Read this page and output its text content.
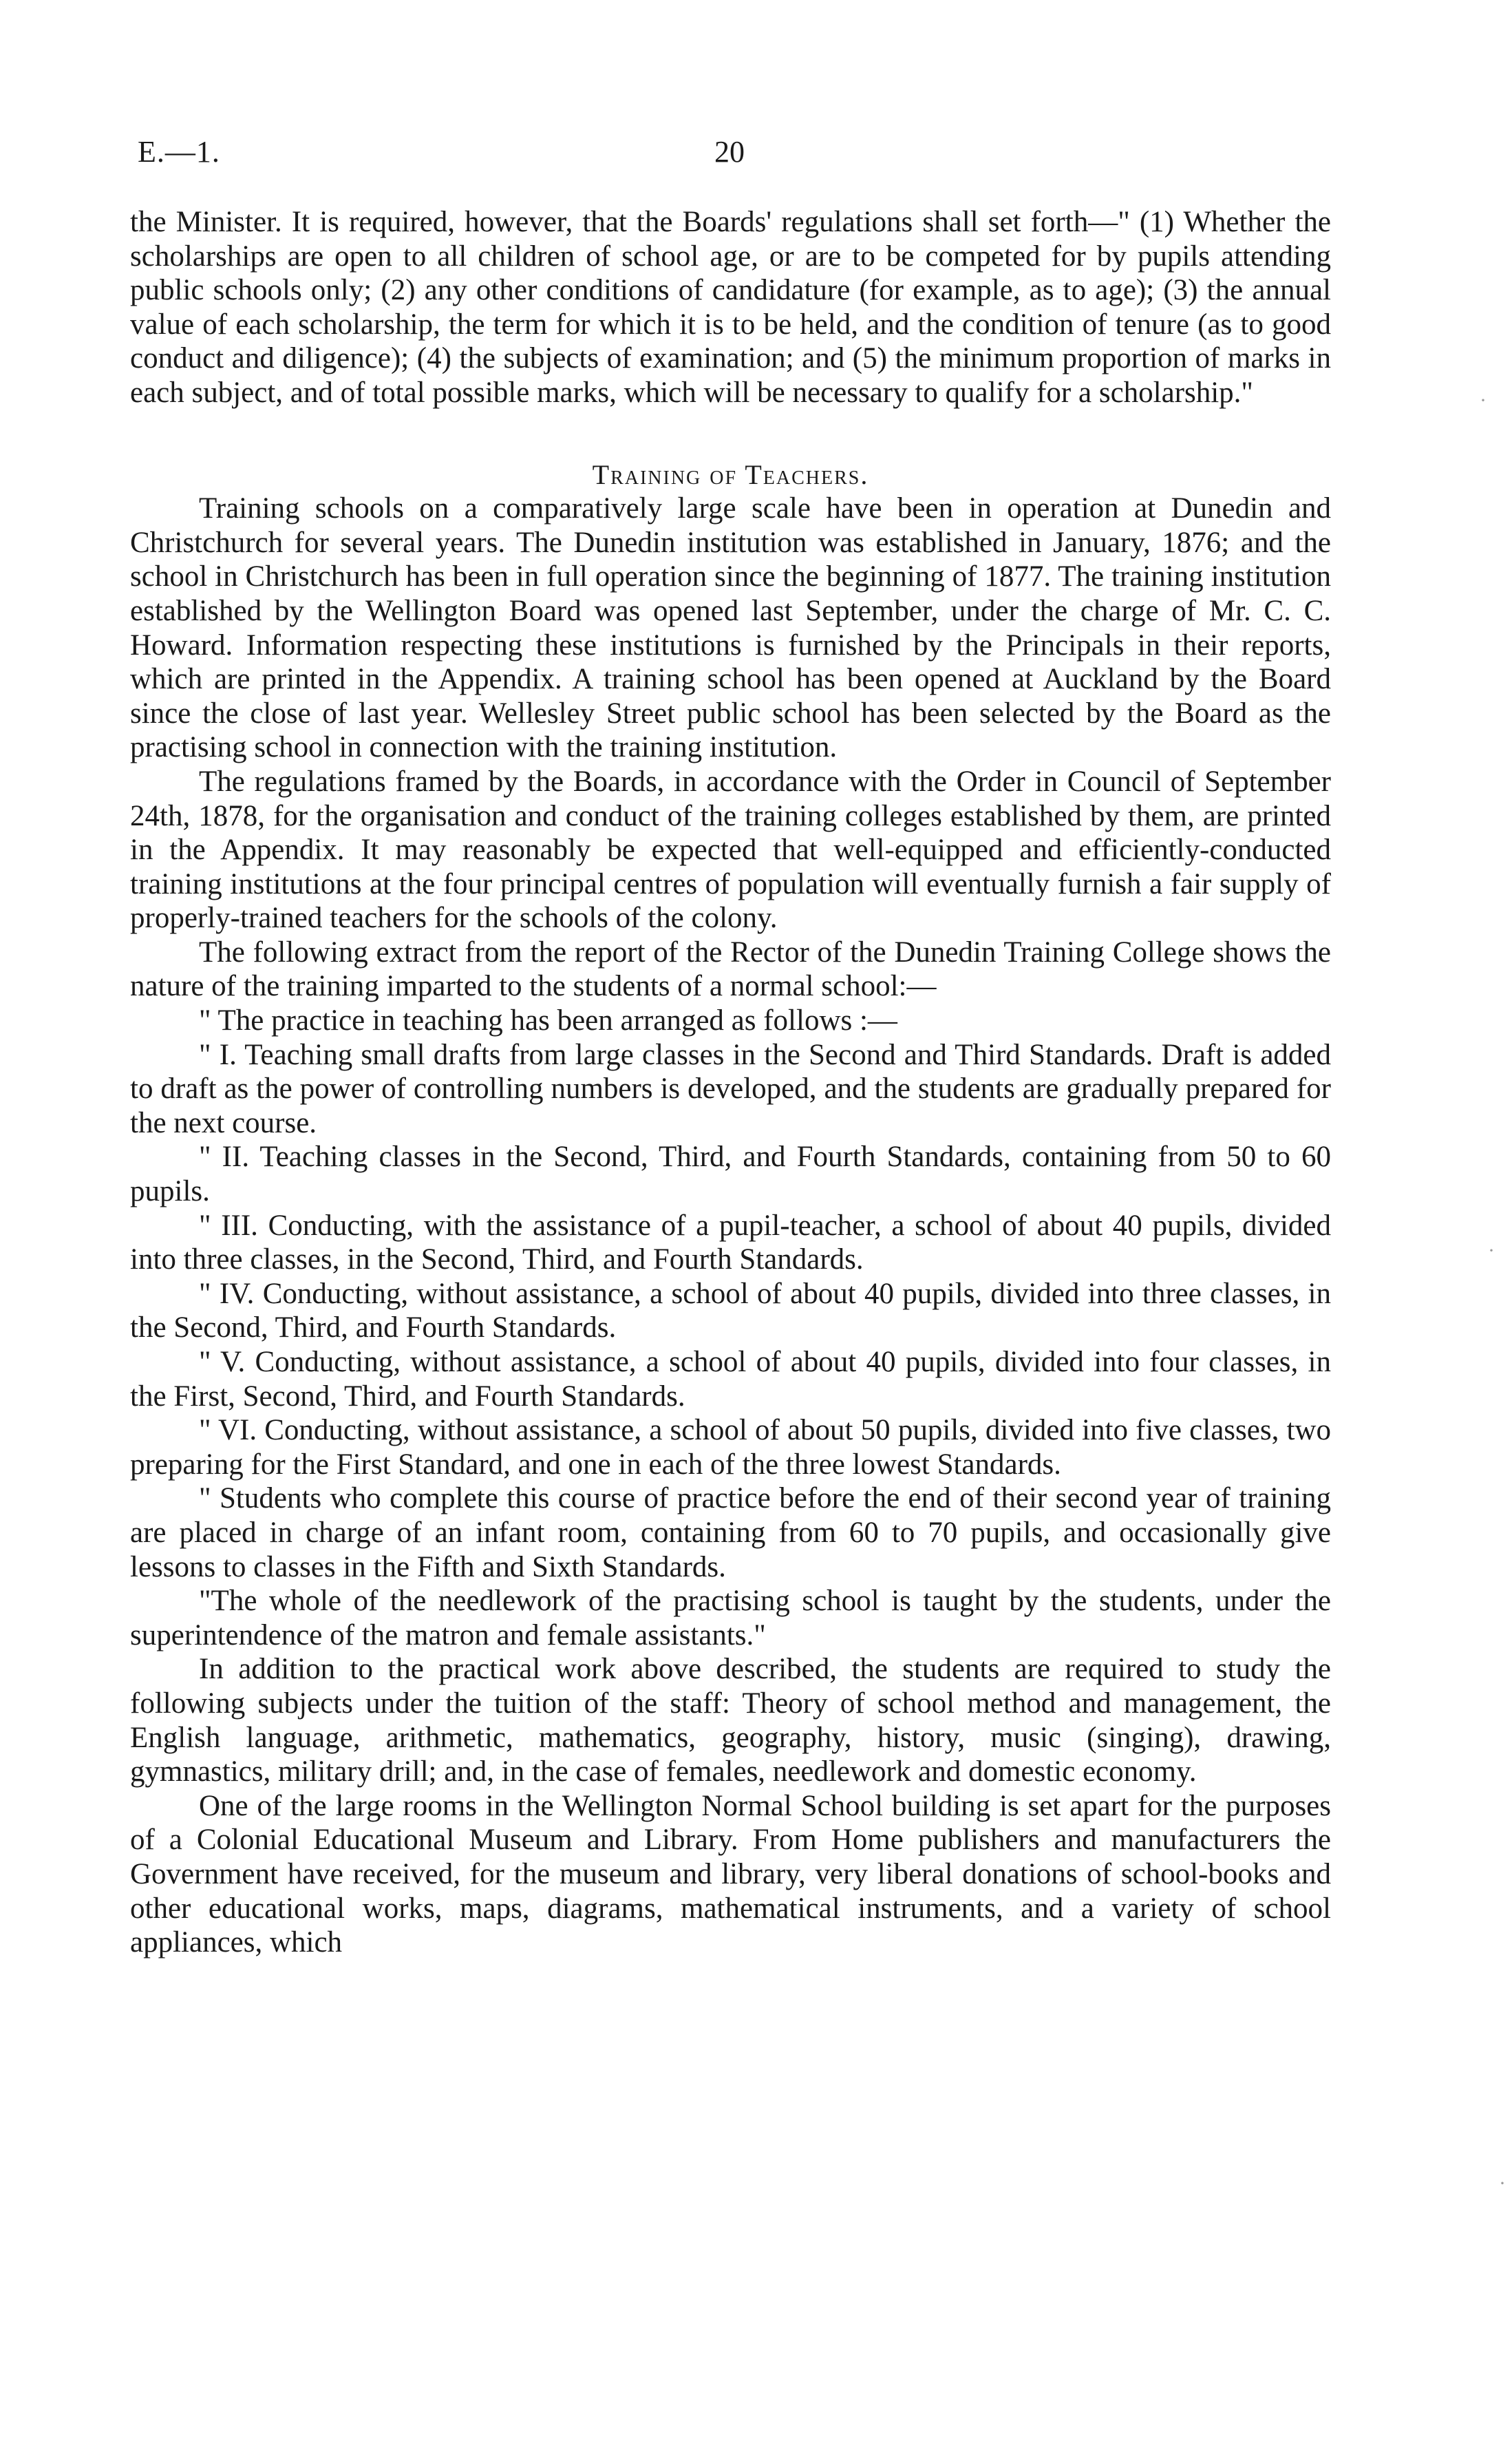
E.—1.	20
·
·
·

the Minister. It is required, however, that the Boards' regulations shall set forth—" (1) Whether the scholarships are open to all children of school age, or are to be competed for by pupils attending public schools only; (2) any other conditions of candidature (for example, as to age); (3) the annual value of each scholarship, the term for which it is to be held, and the condition of tenure (as to good conduct and diligence); (4) the subjects of examination; and (5) the minimum proportion of marks in each subject, and of total possible marks, which will be necessary to qualify for a scholarship."

Training of Teachers.

Training schools on a comparatively large scale have been in operation at Dunedin and Christchurch for several years. The Dunedin institution was established in January, 1876; and the school in Christchurch has been in full operation since the beginning of 1877. The training institution established by the Wellington Board was opened last September, under the charge of Mr. C. C. Howard. Information respecting these institutions is furnished by the Principals in their reports, which are printed in the Appendix. A training school has been opened at Auckland by the Board since the close of last year. Wellesley Street public school has been selected by the Board as the practising school in connection with the training institution.

The regulations framed by the Boards, in accordance with the Order in Council of September 24th, 1878, for the organisation and conduct of the training colleges established by them, are printed in the Appendix. It may reasonably be expected that well-equipped and efficiently-conducted training institutions at the four principal centres of population will eventually furnish a fair supply of properly-trained teachers for the schools of the colony.

The following extract from the report of the Rector of the Dunedin Training College shows the nature of the training imparted to the students of a normal school:—

" The practice in teaching has been arranged as follows :—

" I. Teaching small drafts from large classes in the Second and Third Standards. Draft is added to draft as the power of controlling numbers is developed, and the students are gradually prepared for the next course.

" II. Teaching classes in the Second, Third, and Fourth Standards, containing from 50 to 60 pupils.

" III. Conducting, with the assistance of a pupil-teacher, a school of about 40 pupils, divided into three classes, in the Second, Third, and Fourth Standards.

" IV. Conducting, without assistance, a school of about 40 pupils, divided into three classes, in the Second, Third, and Fourth Standards.

" V. Conducting, without assistance, a school of about 40 pupils, divided into four classes, in the First, Second, Third, and Fourth Standards.

" VI. Conducting, without assistance, a school of about 50 pupils, divided into five classes, two preparing for the First Standard, and one in each of the three lowest Standards.

" Students who complete this course of practice before the end of their second year of training are placed in charge of an infant room, containing from 60 to 70 pupils, and occasionally give lessons to classes in the Fifth and Sixth Standards.

"The whole of the needlework of the practising school is taught by the students, under the superintendence of the matron and female assistants."

In addition to the practical work above described, the students are required to study the following subjects under the tuition of the staff: Theory of school method and management, the English language, arithmetic, mathematics, geography, history, music (singing), drawing, gymnastics, military drill; and, in the case of females, needlework and domestic economy.

One of the large rooms in the Wellington Normal School building is set apart for the purposes of a Colonial Educational Museum and Library. From Home publishers and manufacturers the Government have received, for the museum and library, very liberal donations of school-books and other educational works, maps, diagrams, mathematical instruments, and a variety of school appliances, which
